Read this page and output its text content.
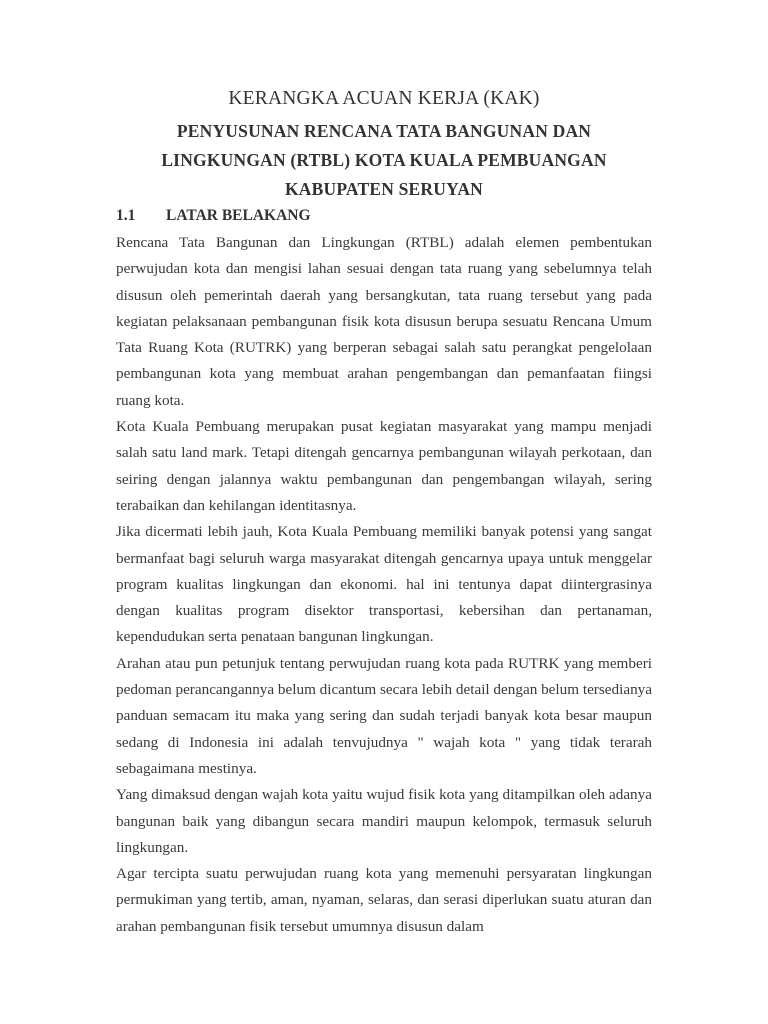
KERANGKA ACUAN KERJA (KAK)
PENYUSUNAN RENCANA TATA BANGUNAN DAN
LINGKUNGAN (RTBL) KOTA KUALA PEMBUANGAN
KABUPATEN SERUYAN
1.1 LATAR BELAKANG

Rencana Tata Bangunan dan Lingkungan (RTBL) adalah elemen pembentukan perwujudan kota dan mengisi lahan sesuai dengan tata ruang yang sebelumnya telah disusun oleh pemerintah daerah yang bersangkutan, tata ruang tersebut yang pada kegiatan pelaksanaan pembangunan fisik kota disusun berupa sesuatu Rencana Umum Tata Ruang Kota (RUTRK) yang berperan sebagai salah satu perangkat pengelolaan pembangunan kota yang membuat arahan pengembangan dan pemanfaatan fiingsi ruang kota.

Kota Kuala Pembuang merupakan pusat kegiatan masyarakat yang mampu menjadi salah satu land mark. Tetapi ditengah gencarnya pembangunan wilayah perkotaan, dan seiring dengan jalannya waktu pembangunan dan pengembangan wilayah, sering terabaikan dan kehilangan identitasnya.

Jika dicermati lebih jauh, Kota Kuala Pembuang memiliki banyak potensi yang sangat bermanfaat bagi seluruh warga masyarakat ditengah gencarnya upaya untuk menggelar program kualitas lingkungan dan ekonomi. hal ini tentunya dapat diintergrasinya dengan kualitas program disektor transportasi, kebersihan dan pertanaman, kependudukan serta penataan bangunan lingkungan.

Arahan atau pun petunjuk tentang perwujudan ruang kota pada RUTRK yang memberi pedoman perancangannya belum dicantum secara lebih detail dengan belum tersedianya panduan semacam itu maka yang sering dan sudah terjadi banyak kota besar maupun sedang di Indonesia ini adalah tenvujudnya " wajah kota " yang tidak terarah sebagaimana mestinya.

Yang dimaksud dengan wajah kota yaitu wujud fisik kota yang ditampilkan oleh adanya bangunan baik yang dibangun secara mandiri maupun kelompok, termasuk seluruh lingkungan.

Agar tercipta suatu perwujudan ruang kota yang memenuhi persyaratan lingkungan permukiman yang tertib, aman, nyaman, selaras, dan serasi diperlukan suatu aturan dan arahan pembangunan fisik tersebut umumnya disusun dalam
